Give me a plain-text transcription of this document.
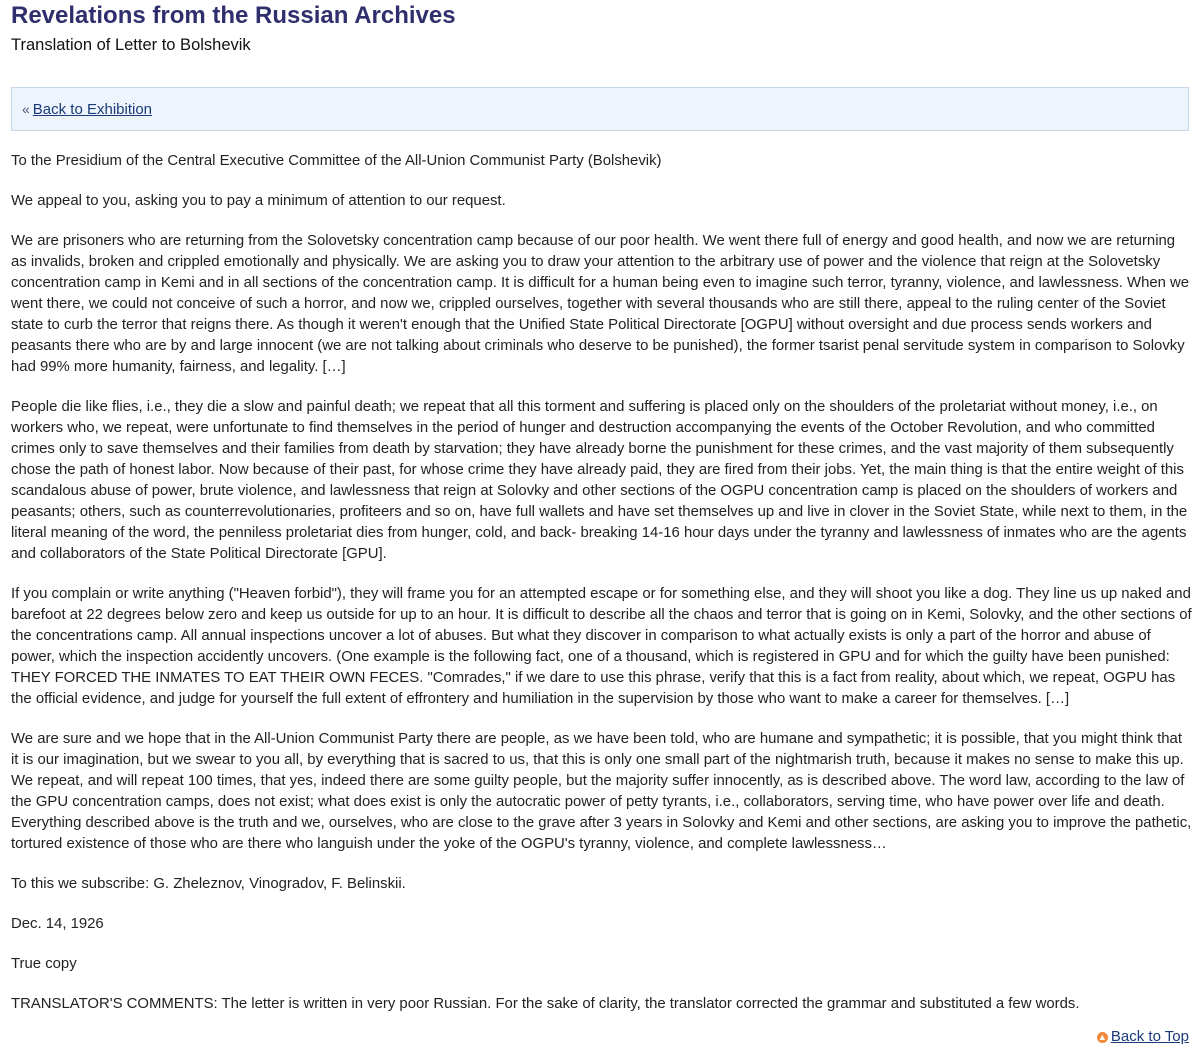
Revelations from the Russian Archives
Translation of Letter to Bolshevik
« Back to Exhibition

To the Presidium of the Central Executive Committee of the All-Union Communist Party (Bolshevik)

We appeal to you, asking you to pay a minimum of attention to our request.

We are prisoners who are returning from the Solovetsky concentration camp because of our poor health. We went there full of energy and good health, and now we are returning as invalids, broken and crippled emotionally and physically. We are asking you to draw your attention to the arbitrary use of power and the violence that reign at the Solovetsky concentration camp in Kemi and in all sections of the concentration camp. It is difficult for a human being even to imagine such terror, tyranny, violence, and lawlessness. When we went there, we could not conceive of such a horror, and now we, crippled ourselves, together with several thousands who are still there, appeal to the ruling center of the Soviet state to curb the terror that reigns there. As though it weren't enough that the Unified State Political Directorate [OGPU] without oversight and due process sends workers and peasants there who are by and large innocent (we are not talking about criminals who deserve to be punished), the former tsarist penal servitude system in comparison to Solovky had 99% more humanity, fairness, and legality. […]

People die like flies, i.e., they die a slow and painful death; we repeat that all this torment and suffering is placed only on the shoulders of the proletariat without money, i.e., on workers who, we repeat, were unfortunate to find themselves in the period of hunger and destruction accompanying the events of the October Revolution, and who committed crimes only to save themselves and their families from death by starvation; they have already borne the punishment for these crimes, and the vast majority of them subsequently chose the path of honest labor. Now because of their past, for whose crime they have already paid, they are fired from their jobs. Yet, the main thing is that the entire weight of this scandalous abuse of power, brute violence, and lawlessness that reign at Solovky and other sections of the OGPU concentration camp is placed on the shoulders of workers and peasants; others, such as counterrevolutionaries, profiteers and so on, have full wallets and have set themselves up and live in clover in the Soviet State, while next to them, in the literal meaning of the word, the penniless proletariat dies from hunger, cold, and back- breaking 14-16 hour days under the tyranny and lawlessness of inmates who are the agents and collaborators of the State Political Directorate [GPU].

If you complain or write anything ("Heaven forbid"), they will frame you for an attempted escape or for something else, and they will shoot you like a dog. They line us up naked and barefoot at 22 degrees below zero and keep us outside for up to an hour. It is difficult to describe all the chaos and terror that is going on in Kemi, Solovky, and the other sections of the concentrations camp. All annual inspections uncover a lot of abuses. But what they discover in comparison to what actually exists is only a part of the horror and abuse of power, which the inspection accidently uncovers. (One example is the following fact, one of a thousand, which is registered in GPU and for which the guilty have been punished: THEY FORCED THE INMATES TO EAT THEIR OWN FECES. "Comrades," if we dare to use this phrase, verify that this is a fact from reality, about which, we repeat, OGPU has the official evidence, and judge for yourself the full extent of effrontery and humiliation in the supervision by those who want to make a career for themselves. […]

We are sure and we hope that in the All-Union Communist Party there are people, as we have been told, who are humane and sympathetic; it is possible, that you might think that it is our imagination, but we swear to you all, by everything that is sacred to us, that this is only one small part of the nightmarish truth, because it makes no sense to make this up. We repeat, and will repeat 100 times, that yes, indeed there are some guilty people, but the majority suffer innocently, as is described above. The word law, according to the law of the GPU concentration camps, does not exist; what does exist is only the autocratic power of petty tyrants, i.e., collaborators, serving time, who have power over life and death. Everything described above is the truth and we, ourselves, who are close to the grave after 3 years in Solovky and Kemi and other sections, are asking you to improve the pathetic, tortured existence of those who are there who languish under the yoke of the OGPU's tyranny, violence, and complete lawlessness…

To this we subscribe: G. Zheleznov, Vinogradov, F. Belinskii.

Dec. 14, 1926

True copy

TRANSLATOR'S COMMENTS: The letter is written in very poor Russian. For the sake of clarity, the translator corrected the grammar and substituted a few words.

▲ Back to Top
